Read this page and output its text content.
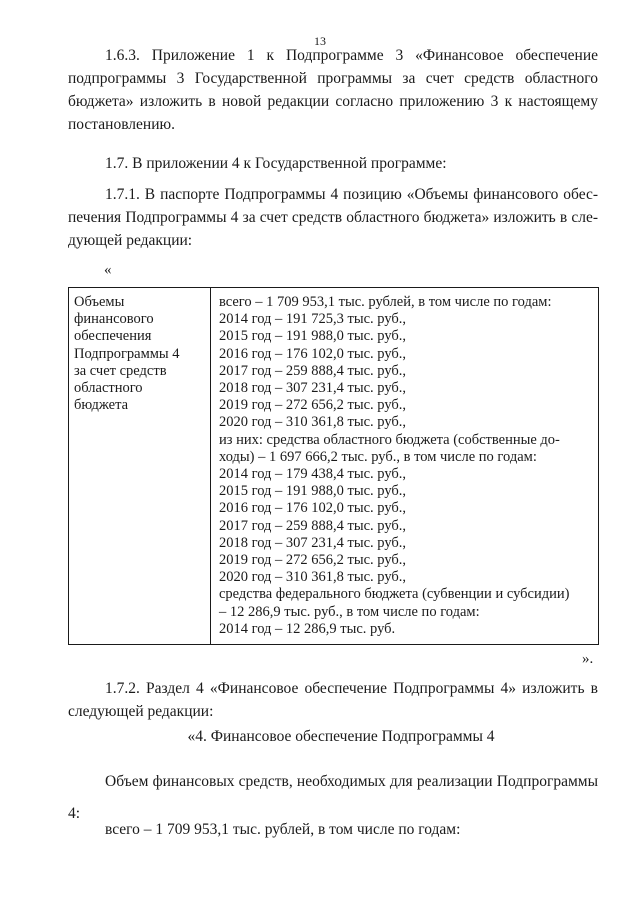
13

1.6.3. Приложение 1 к Подпрограмме 3 «Финансовое обеспечение подпрограммы 3 Государственной программы за счет средств областного бюджета» изложить в новой редакции согласно приложению 3 к настоящему постановлению.

1.7. В приложении 4 к Государственной программе:

1.7.1. В паспорте Подпрограммы 4 позицию «Объемы финансового обес-печения Подпрограммы 4 за счет средств областного бюджета» изложить в сле-дующей редакции:

«
Объемы
финансового
обеспечения
Подпрограммы 4
за счет средств
областного
бюджета

всего – 1 709 953,1 тыс. рублей, в том числе по годам:
2014 год – 191 725,3 тыс. руб.,
2015 год – 191 988,0 тыс. руб.,
2016 год – 176 102,0 тыс. руб.,
2017 год – 259 888,4 тыс. руб.,
2018 год – 307 231,4 тыс. руб.,
2019 год – 272 656,2 тыс. руб.,
2020 год – 310 361,8 тыс. руб.,
из них: средства областного бюджета (собственные до-
ходы) – 1 697 666,2 тыс. руб., в том числе по годам:
2014 год – 179 438,4 тыс. руб.,
2015 год – 191 988,0 тыс. руб.,
2016 год – 176 102,0 тыс. руб.,
2017 год – 259 888,4 тыс. руб.,
2018 год – 307 231,4 тыс. руб.,
2019 год – 272 656,2 тыс. руб.,
2020 год – 310 361,8 тыс. руб.,
средства федерального бюджета (субвенции и субсидии)
– 12 286,9 тыс. руб., в том числе по годам:
2014 год – 12 286,9 тыс. руб.
».

1.7.2. Раздел 4 «Финансовое обеспечение Подпрограммы 4» изложить в следующей редакции:

«4. Финансовое обеспечение Подпрограммы 4

Объем финансовых средств, необходимых для реализации Подпрограммы 4:

всего – 1 709 953,1 тыс. рублей, в том числе по годам:
